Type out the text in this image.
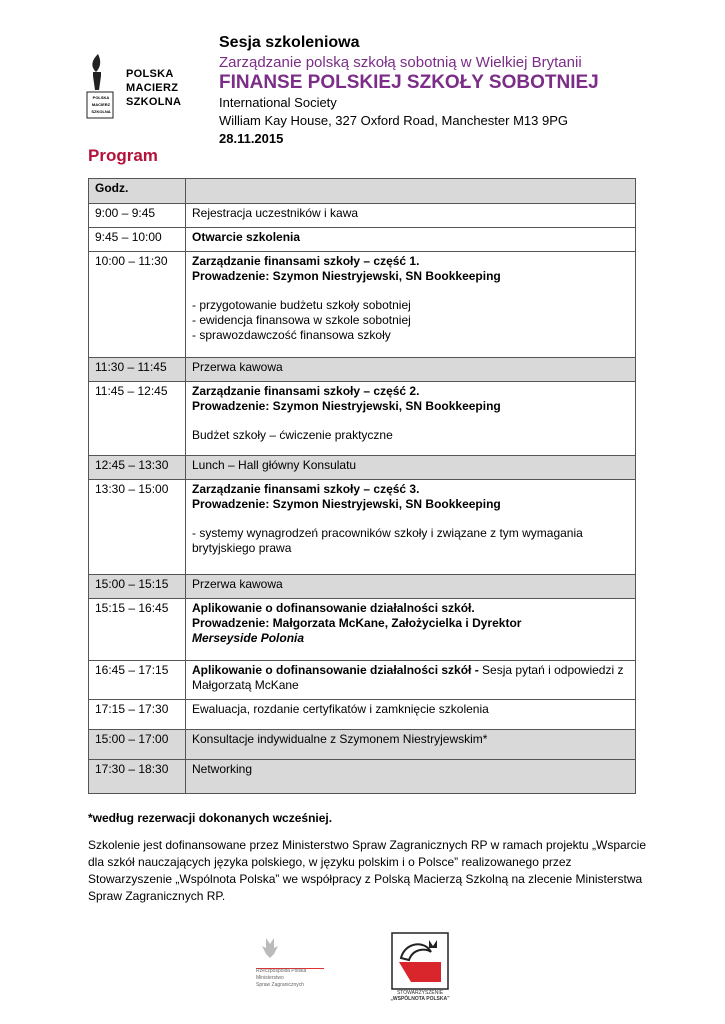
POLSKA
MACIERZ
SZKOLNA
POLSKA
MACIERZ
SZKOLNA
Sesja szkoleniowa
Zarządzanie polską szkołą sobotnią w Wielkiej Brytanii
FINANSE POLSKIEJ SZKOŁY SOBOTNIEJ
International Society
William Kay House, 327 Oxford Road, Manchester M13 9PG
28.11.2015
Program
Godz.	
9:00 – 9:45	Rejestracja uczestników i kawa

9:45 – 10:00	Otwarcie szkolenia

10:00 – 11:30	Zarządzanie finansami szkoły – część 1.
Prowadzenie: Szymon Niestryjewski, SN Bookkeeping
- przygotowanie budżetu szkoły sobotniej
- ewidencja finansowa w szkole sobotniej
- sprawozdawczość finansowa szkoły

11:30 – 11:45	Przerwa kawowa

11:45 – 12:45	Zarządzanie finansami szkoły – część 2.
Prowadzenie: Szymon Niestryjewski, SN Bookkeeping
Budżet szkoły – ćwiczenie praktyczne

12:45 – 13:30	Lunch – Hall główny Konsulatu

13:30 – 15:00	Zarządzanie finansami szkoły – część 3.
Prowadzenie: Szymon Niestryjewski, SN Bookkeeping
- systemy wynagrodzeń pracowników szkoły i związane z tym wymagania brytyjskiego prawa

15:00 – 15:15	Przerwa kawowa

15:15 – 16:45	Aplikowanie o dofinansowanie działalności szkół.
Prowadzenie: Małgorzata McKane, Założycielka i Dyrektor
Merseyside Polonia

16:45 – 17:15	Aplikowanie o dofinansowanie działalności szkół - Sesja pytań i odpowiedzi z Małgorzatą McKane
17:15 – 17:30	Ewaluacja, rozdanie certyfikatów i zamknięcie szkolenia

15:00 – 17:00	Konsultacje indywidualne z Szymonem Niestryjewskim*

17:30 – 18:30	Networking
*według rezerwacji dokonanych wcześniej.
Szkolenie jest dofinansowane przez Ministerstwo Spraw Zagranicznych RP w ramach projektu „Wsparcie dla szkół nauczających języka polskiego, w języku polskim i o Polsce” realizowanego przez Stowarzyszenie „Wspólnota Polska” we współpracy z Polską Macierzą Szkolną na zlecenie Ministerstwa Spraw Zagranicznych RP.
Rzeczpospolita Polska
Ministerstwo
Spraw Zagranicznych
STOWARZYSZENIE
„WSPÓLNOTA POLSKA”
